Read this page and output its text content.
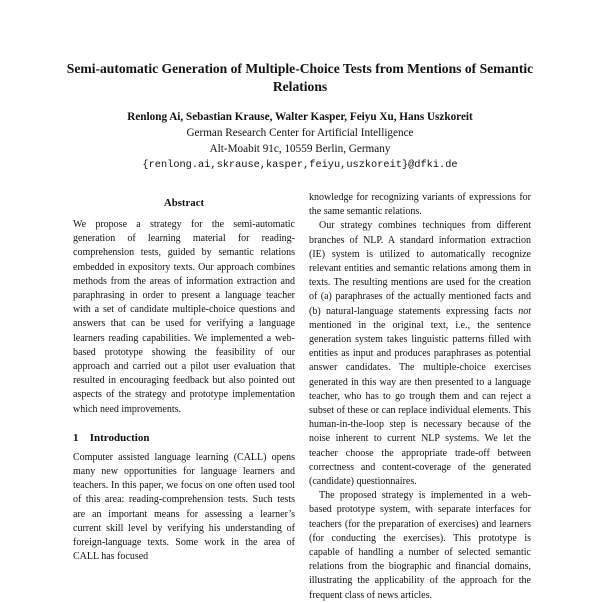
Semi-automatic Generation of Multiple-Choice Tests from Mentions of Semantic Relations
Renlong Ai, Sebastian Krause, Walter Kasper, Feiyu Xu, Hans Uszkoreit
German Research Center for Artificial Intelligence
Alt-Moabit 91c, 10559 Berlin, Germany
{renlong.ai,skrause,kasper,feiyu,uszkoreit}@dfki.de
Abstract

We propose a strategy for the semi-automatic generation of learning material for reading-comprehension tests, guided by semantic relations embedded in expository texts. Our approach combines methods from the areas of information extraction and paraphrasing in order to present a language teacher with a set of candidate multiple-choice questions and answers that can be used for verifying a language learners reading capabilities. We implemented a web-based prototype showing the feasibility of our approach and carried out a pilot user evaluation that resulted in encouraging feedback but also pointed out aspects of the strategy and prototype implementation which need improvements.

1 Introduction

Computer assisted language learning (CALL) opens many new opportunities for language learners and teachers. In this paper, we focus on one often used tool of this area: reading-comprehension tests. Such tests are an important means for assessing a learner’s current skill level by verifying his understanding of foreign-language texts. Some work in the area of CALL has focused

knowledge for recognizing variants of expressions for the same semantic relations.

Our strategy combines techniques from different branches of NLP. A standard information extraction (IE) system is utilized to automatically recognize relevant entities and semantic relations among them in texts. The resulting mentions are used for the creation of (a) paraphrases of the actually mentioned facts and (b) natural-language statements expressing facts not mentioned in the original text, i.e., the sentence generation system takes linguistic patterns filled with entities as input and produces paraphrases as potential answer candidates. The multiple-choice exercises generated in this way are then presented to a language teacher, who has to go trough them and can reject a subset of these or can replace individual elements. This human-in-the-loop step is necessary because of the noise inherent to current NLP systems. We let the teacher choose the appropriate trade-off between correctness and content-coverage of the generated (candidate) questionnaires.

The proposed strategy is implemented in a web-based prototype system, with separate interfaces for teachers (for the preparation of exercises) and learners (for conducting the exercises). This prototype is capable of handling a number of selected semantic relations from the biographic and financial domains, illustrating the applicability of the approach for the frequent class of news articles.
